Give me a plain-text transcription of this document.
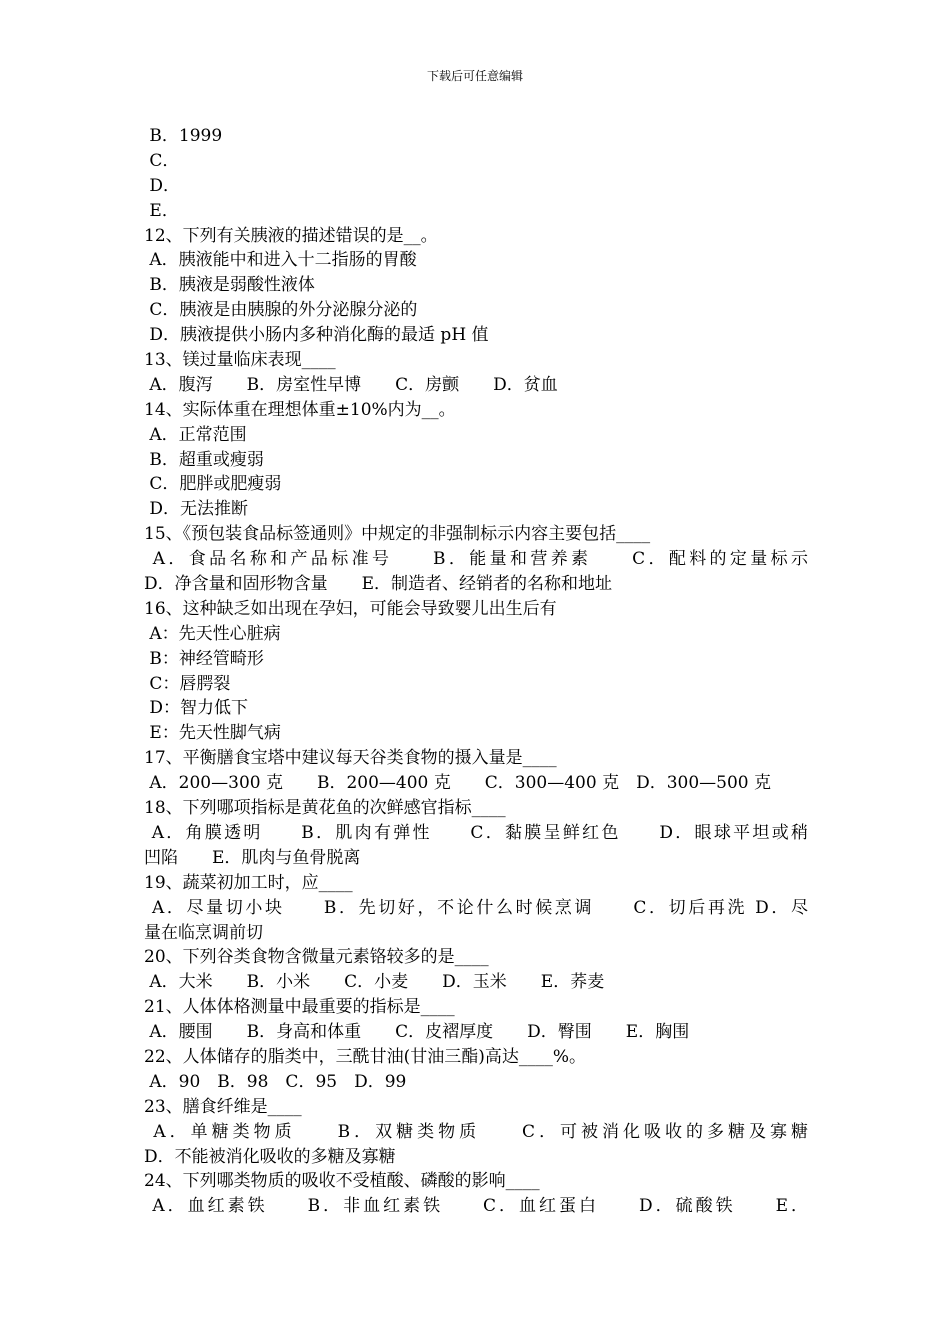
下载后可任意编辑
B．1999
C．
D．
E．
12、下列有关胰液的描述错误的是__。
A．胰液能中和进入十二指肠的胃酸
B．胰液是弱酸性液体
C．胰液是由胰腺的外分泌腺分泌的
D．胰液提供小肠内多种消化酶的最适 pH 值
13、镁过量临床表现____
A．腹泻　　B．房室性早博　　C．房颤　　D．贫血
14、实际体重在理想体重±10%内为__。
A．正常范围
B．超重或瘦弱
C．肥胖或肥瘦弱
D．无法推断
15、《预包装食品标签通则》中规定的非强制标示内容主要包括____
A．食品名称和产品标准号　　B．能量和营养素　　C．配料的定量标示
D．净含量和固形物含量　　E．制造者、经销者的名称和地址
16、这种缺乏如出现在孕妇，可能会导致婴儿出生后有
A：先天性心脏病
B：神经管畸形
C：唇腭裂
D：智力低下
E：先天性脚气病
17、平衡膳食宝塔中建议每天谷类食物的摄入量是____
A．200—300 克　　B．200—400 克　　C．300—400 克　D．300—500 克
18、下列哪项指标是黄花鱼的次鲜感官指标____
A．角膜透明　　B．肌肉有弹性　　C．黏膜呈鲜红色　　D．眼球平坦或稍
凹陷　　E．肌肉与鱼骨脱离
19、蔬菜初加工时，应____
A．尽量切小块　　B．先切好，不论什么时候烹调　　C．切后再洗 D．尽
量在临烹调前切
20、下列谷类食物含微量元素铬较多的是____
A．大米　　B．小米　　C．小麦　　D．玉米　　E．荞麦
21、人体体格测量中最重要的指标是____
A．腰围　　B．身高和体重　　C．皮褶厚度　　D．臀围　　E．胸围
22、人体储存的脂类中，三酰甘油(甘油三酯)高达____%。
A．90　B．98　C．95　D．99
23、膳食纤维是____
A．单糖类物质　　B．双糖类物质　　C．可被消化吸收的多糖及寡糖
D．不能被消化吸收的多糖及寡糖
24、下列哪类物质的吸收不受植酸、磷酸的影响____
A．血红素铁　　B．非血红素铁　　C．血红蛋白　　D．硫酸铁　　E．
